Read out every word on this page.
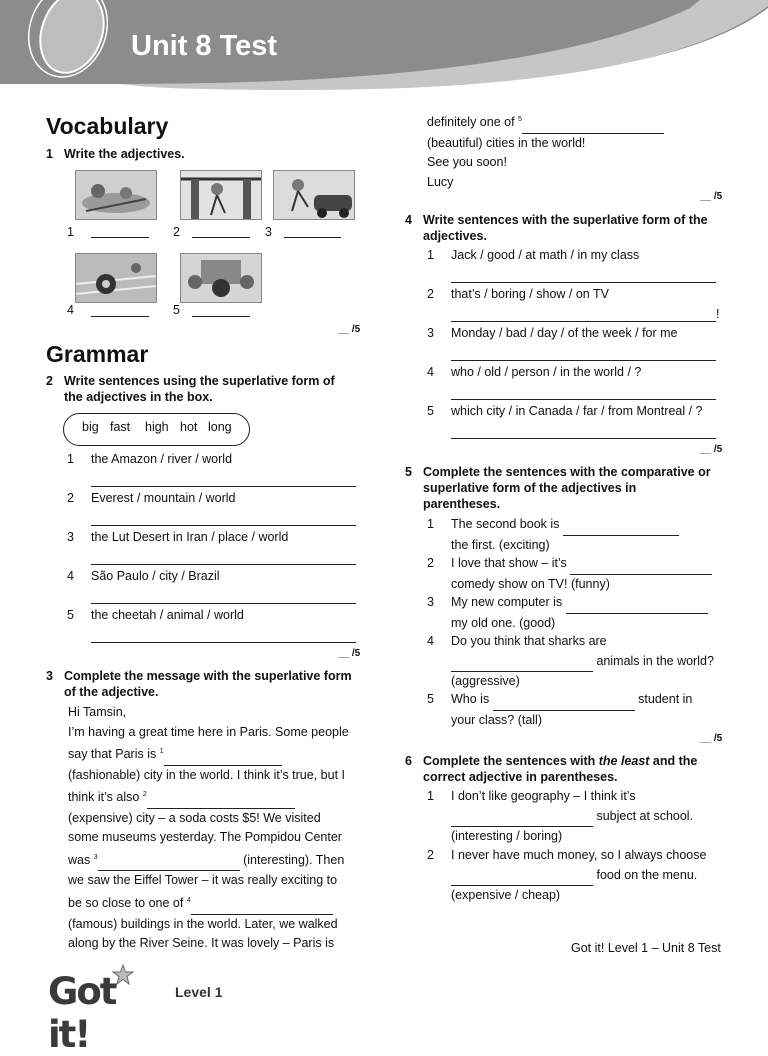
Unit 8 Test
Vocabulary
1 Write the adjectives.
1	2	3
4	5
__ /5
Grammar
2 Write sentences using the superlative form of
the adjectives in the box.
big fast high hot long
1 the Amazon / river / world
2 Everest / mountain / world
3 the Lut Desert in Iran / place / world
4 São Paulo / city / Brazil
5 the cheetah / animal / world
__ /5
3 Complete the message with the superlative form
of the adjective.
Hi Tamsin,
I’m having a great time here in Paris. Some people
say that Paris is $^1$
(fashionable) city in the world. I think it’s true, but I
think it’s also $^2$
(expensive) city – a soda costs $5! We visited
some museums yesterday. The Pompidou Center
was $^3$	(interesting). Then
we saw the Eiffel Tower – it was really exciting to
be so close to one of $^4$
(famous) buildings in the world. Later, we walked
along by the River Seine. It was lovely – Paris is
definitely one of $^5$
(beautiful) cities in the world!
See you soon!
Lucy
__ /5
4 Write sentences with the superlative form of the
adjectives.
1 Jack / good / at math / in my class
2 that’s / boring / show / on TV
!
3 Monday / bad / day / of the week / for me
4 who / old / person / in the world / ?
5 which city / in Canada / far / from Montreal / ?
__ /5
5 Complete the sentences with the comparative or
superlative form of the adjectives in
parentheses.
1 The second book is
the first. (exciting)
2 I love that show – it’s
comedy show on TV! (funny)
3 My new computer is
my old one. (good)
4 Do you think that sharks are
animals in the world?
(aggressive)
5 Who is	student in
your class? (tall)
__ /5
6 Complete the sentences with the least and the
correct adjective in parentheses.
1 I don’t like geography – I think it’s
subject at school.
(interesting / boring)
2 I never have much money, so I always choose
food on the menu.
(expensive / cheap)
Got it! Level 1 – Unit 8 Test
Got it!
Level 1
